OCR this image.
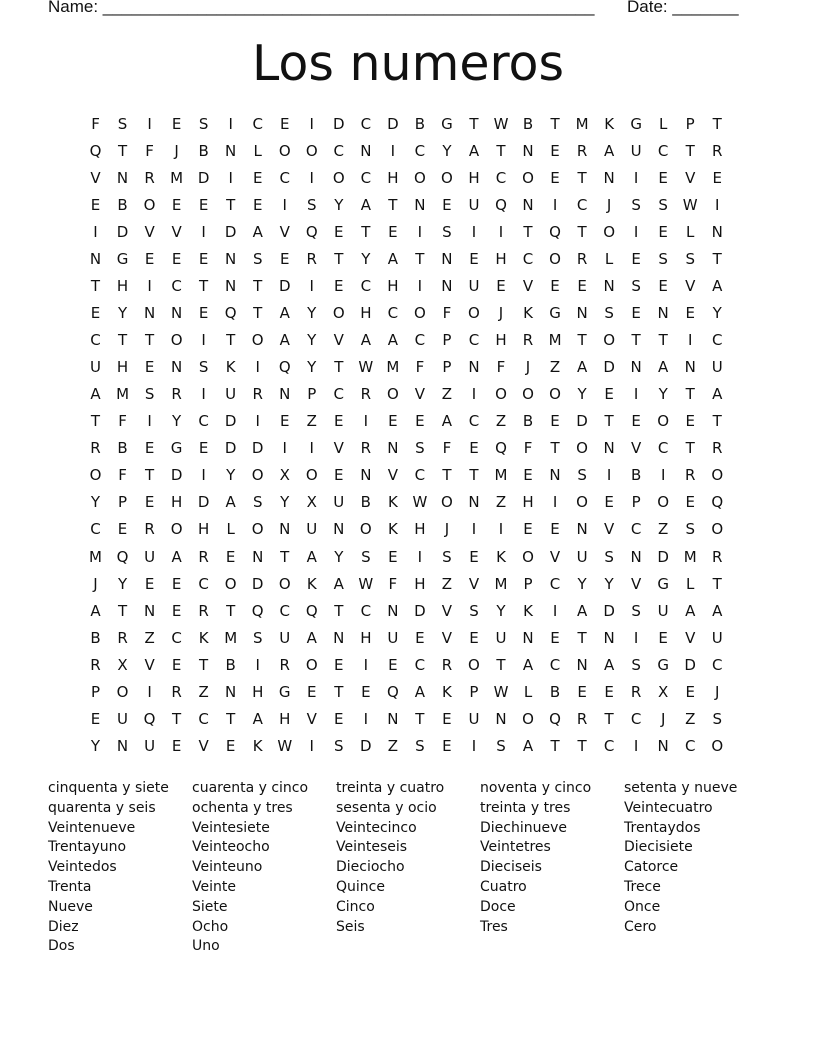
Name: ____________________________________________________ Date: _______
Los numeros
F	S	I	E	S	I	C	E	I	D	C	D	B	G	T	W B	T	M	K	G	L	P	T
Q	T	F	J	B	N	L	O	O	C	N	I	C	Y	A	T	N	E	R	A	U	C	T	R
V	N	R	M D	I	E	C	I	O	C	H	O	O	H	C	O	E	T	N	I	E	V	E
E	B	O	E	E	T	E	I	S	Y	A	T	N	E	U	Q	N	I	C	J	S	S W	I
I	D	V	V	I	D	A	V	Q	E	T	E	I	S	I	I	T	Q	T	O	I	E	L	N
N	G	E	E	E	N	S	E	R	T	Y	A	T	N	E	H	C	O	R	L	E	S	S	T
T	H	I	C	T	N	T	D	I	E	C	H	I	N	U	E	V	E	E	N	S	E	V	A
E	Y	N	N	E	Q	T	A	Y	O	H	C	O	F	O	J	K	G	N	S	E	N	E	Y
C	T	T	O	I	T	O	A	Y	V	A	A	C	P	C	H	R	M	T	O	T	T	I	C
U	H	E	N	S	K	I	Q	Y	T	W M	F	P	N	F	J	Z	A	D	N	A	N	U
A	M	S	R	I	U	R	N	P	C	R	O	V	Z	I	O	O	O	Y	E	I	Y	T	A
T	F	I	Y	C	D	I	E	Z	E	I	E	E	A	C	Z	B	E	D	T	E	O	E	T
R	B	E	G	E	D	D	I	I	V	R	N	S	F	E	Q	F	T	O	N	V	C	T	R
O	F	T	D	I	Y	O	X	O	E	N	V	C	T	T	M	E	N	S	I	B	I	R	O
Y	P	E	H	D	A	S	Y	X	U	B	K W O	N	Z	H	I	O	E	P	O	E	Q
C	E	R	O	H	L	O	N	U	N	O	K	H	J	I	I	E	E	N	V	C	Z	S	O
M Q	U	A	R	E	N	T	A	Y	S	E	I	S	E	K	O	V	U	S	N	D M	R
J	Y	E	E	C	O	D	O	K	A W	F	H	Z	V	M	P	C	Y	Y	V	G	L	T
A	T	N	E	R	T	Q	C	Q	T	C	N	D	V	S	Y	K	I	A	D	S	U	A	A
B	R	Z	C	K	M	S	U	A	N	H	U	E	V	E	U	N	E	T	N	I	E	V	U
R	X	V	E	T	B	I	R	O	E	I	E	C	R	O	T	A	C	N	A	S	G	D	C
P	O	I	R	Z	N	H	G	E	T	E	Q	A	K	P	W	L	B	E	E	R	X	E	J
E	U	Q	T	C	T	A	H	V	E	I	N	T	E	U	N	O	Q	R	T	C	J	Z	S
Y	N	U	E	V	E	K W	I	S	D	Z	S	E	I	S	A	T	T	C	I	N	C	O
cinquenta y siete
quarenta y seis
Veintenueve
Trentayuno
Veintedos
Trenta
Nueve
Diez
Dos
cuarenta y cinco
ochenta y tres
Veintesiete
Veinteocho
Veinteuno
Veinte
Siete
Ocho
Uno
treinta y cuatro
sesenta y ocio
Veintecinco
Veinteseis
Dieciocho
Quince
Cinco
Seis
noventa y cinco
treinta y tres
Diechinueve
Veintetres
Dieciseis
Cuatro
Doce
Tres
setenta y nueve
Veintecuatro
Trentaydos
Diecisiete
Catorce
Trece
Once
Cero
